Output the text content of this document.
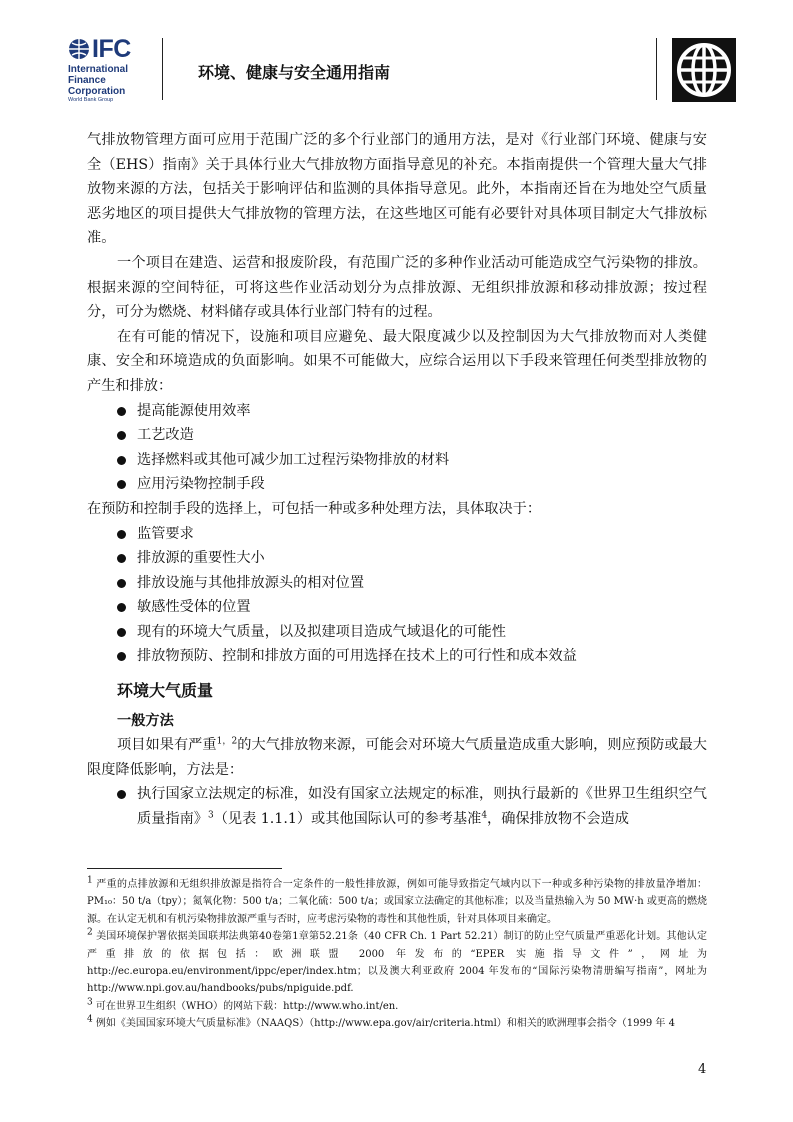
IFC
International
Finance
Corporation
World Bank Group
环境、健康与安全通用指南

气排放物管理方面可应用于范围广泛的多个行业部门的通用方法，是对《行业部门环境、健康与安全（EHS）指南》关于具体行业大气排放物方面指导意见的补充。本指南提供一个管理大量大气排放物来源的方法，包括关于影响评估和监测的具体指导意见。此外，本指南还旨在为地处空气质量恶劣地区的项目提供大气排放物的管理方法，在这些地区可能有必要针对具体项目制定大气排放标准。

一个项目在建造、运营和报废阶段，有范围广泛的多种作业活动可能造成空气污染物的排放。根据来源的空间特征，可将这些作业活动划分为点排放源、无组织排放源和移动排放源；按过程分，可分为燃烧、材料储存或具体行业部门特有的过程。

在有可能的情况下，设施和项目应避免、最大限度减少以及控制因为大气排放物而对人类健康、安全和环境造成的负面影响。如果不可能做大，应综合运用以下手段来管理任何类型排放物的产生和排放：

提高能源使用效率
工艺改造
选择燃料或其他可减少加工过程污染物排放的材料
应用污染物控制手段

在预防和控制手段的选择上，可包括一种或多种处理方法，具体取决于：

监管要求
排放源的重要性大小
排放设施与其他排放源头的相对位置
敏感性受体的位置
现有的环境大气质量，以及拟建项目造成气域退化的可能性
排放物预防、控制和排放方面的可用选择在技术上的可行性和成本效益
环境大气质量
一般方法

项目如果有严重$^{1,2}$的大气排放物来源，可能会对环境大气质量造成重大影响，则应预防或最大限度降低影响，方法是：

执行国家立法规定的标准，如没有国家立法规定的标准，则执行最新的《世界卫生组织空气质量指南》$^3$（见表 1.1.1）或其他国际认可的参考基准$^4$，确保排放物不会造成

$^1$ 严重的点排放源和无组织排放源是指符合一定条件的一般性排放源，例如可能导致指定气域内以下一种或多种污染物的排放量净增加：PM₁₀：50 t/a（tpy）；氮氧化物：500 t/a；二氧化硫：500 t/a；或国家立法确定的其他标准；以及当量热输入为 50 MW·h 或更高的燃烧源。在认定无机和有机污染物排放源严重与否时，应考虑污染物的毒性和其他性质，针对具体项目来确定。

$^2$ 美国环境保护署依据美国联邦法典第40卷第1章第52.21条（40 CFR Ch. 1 Part 52.21）制订的防止空气质量严重恶化计划。其他认定严重排放的依据包括：欧洲联盟 2000 年发布的“EPER 实施指导文件”，网址为 http://ec.europa.eu/environment/ippc/eper/index.htm；以及澳大利亚政府 2004 年发布的“国际污染物清册编写指南”，网址为 http://www.npi.gov.au/handbooks/pubs/npiguide.pdf.

$^3$ 可在世界卫生组织（WHO）的网站下载：http://www.who.int/en.

$^4$ 例如《美国国家环境大气质量标准》（NAAQS）（http://www.epa.gov/air/criteria.html）和相关的欧洲理事会指令（1999 年 4

4
